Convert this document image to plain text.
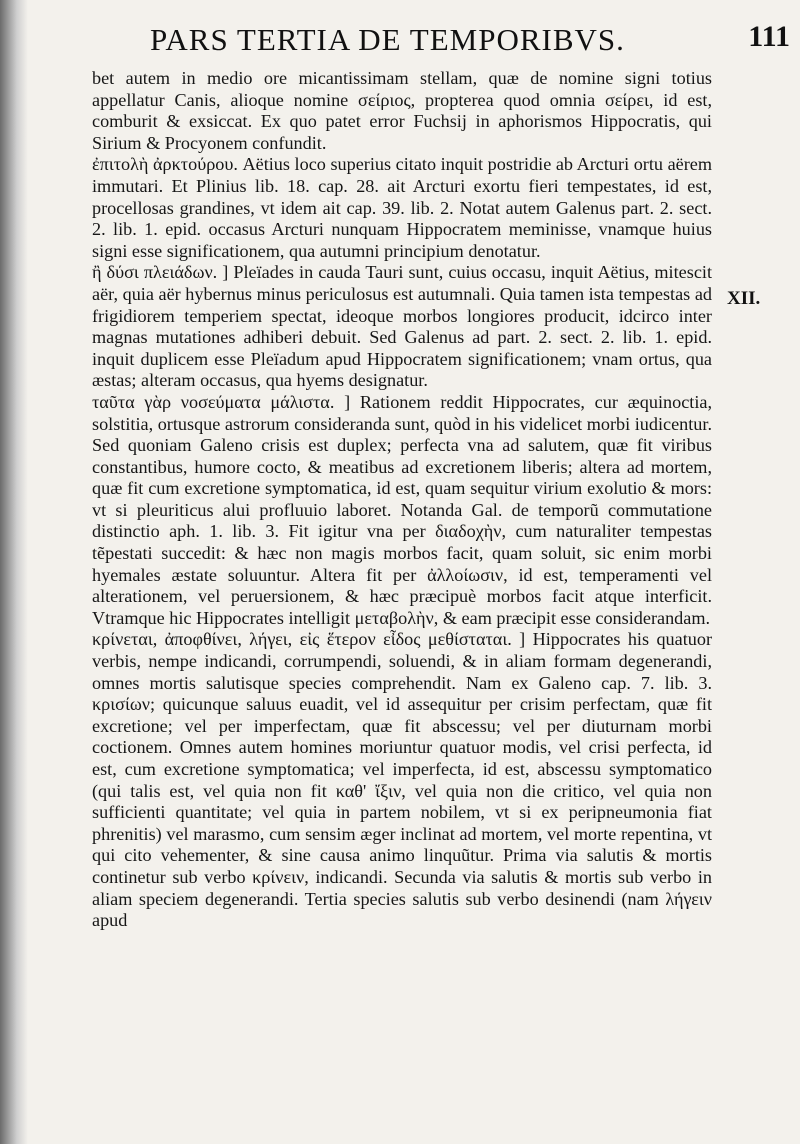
PARS TERTIA DE TEMPORIBVS.	111
XII.

bet autem in medio ore micantissimam stellam, quæ de nomine signi totius appellatur Canis, alioque nomine σείριος, propterea quod omnia σείρει, id est, comburit & exsiccat. Ex quo patet error Fuchsij in aphorismos Hippocratis, qui Sirium & Procyonem confundit.

ἐπιτολὴ ἀρκτούρου. Aëtius loco superius citato inquit postridie ab Arcturi ortu aërem immutari. Et Plinius lib. 18. cap. 28. ait Arcturi exortu fieri tempestates, id est, procellosas grandines, vt idem ait cap. 39. lib. 2. Notat autem Galenus part. 2. sect. 2. lib. 1. epid. occasus Arcturi nunquam Hippocratem meminisse, vnamque huius signi esse significationem, qua autumni principium denotatur.

ἢ δύσι πλειάδων. ] Pleïades in cauda Tauri sunt, cuius occasu, inquit Aëtius, mitescit aër, quia aër hybernus minus periculosus est autumnali. Quia tamen ista tempestas ad frigidiorem temperiem spectat, ideoque morbos longiores producit, idcirco inter magnas mutationes adhiberi debuit. Sed Galenus ad part. 2. sect. 2. lib. 1. epid. inquit duplicem esse Pleïadum apud Hippocratem significationem; vnam ortus, qua æstas; alteram occasus, qua hyems designatur.

ταῦτα γὰρ νοσεύματα μάλιστα. ] Rationem reddit Hippocrates, cur æquinoctia, solstitia, ortusque astrorum consideranda sunt, quòd in his videlicet morbi iudicentur. Sed quoniam Galeno crisis est duplex; perfecta vna ad salutem, quæ fit viribus constantibus, humore cocto, & meatibus ad excretionem liberis; altera ad mortem, quæ fit cum excretione symptomatica, id est, quam sequitur virium exolutio & mors: vt si pleuriticus alui profluuio laboret. Notanda Gal. de temporũ commutatione distinctio aph. 1. lib. 3. Fit igitur vna per διαδοχὴν, cum naturaliter tempestas tẽpestati succedit: & hæc non magis morbos facit, quam soluit, sic enim morbi hyemales æstate soluuntur. Altera fit per ἀλλοίωσιν, id est, temperamenti vel alterationem, vel peruersionem, & hæc præcipuè morbos facit atque interficit. Vtramque hic Hippocrates intelligit μεταβολὴν, & eam præcipit esse considerandam.

κρίνεται, ἀποφθίνει, λήγει, εἰς ἕτερον εἶδος μεθίσταται. ] Hippocrates his quatuor verbis, nempe indicandi, corrumpendi, soluendi, & in aliam formam degenerandi, omnes mortis salutisque species comprehendit. Nam ex Galeno cap. 7. lib. 3. κρισίων; quicunque saluus euadit, vel id assequitur per crisim perfectam, quæ fit excretione; vel per imperfectam, quæ fit abscessu; vel per diuturnam morbi coctionem. Omnes autem homines moriuntur quatuor modis, vel crisi perfecta, id est, cum excretione symptomatica; vel imperfecta, id est, abscessu symptomatico (qui talis est, vel quia non fit καθ' ἴξιν, vel quia non die critico, vel quia non sufficienti quantitate; vel quia in partem nobilem, vt si ex peripneumonia fiat phrenitis) vel marasmo, cum sensim æger inclinat ad mortem, vel morte repentina, vt qui cito vehementer, & sine causa animo linquũtur. Prima via salutis & mortis continetur sub verbo κρίνειν, indicandi. Secunda via salutis & mortis sub verbo in aliam speciem degenerandi. Tertia species salutis sub verbo desinendi (nam λήγειν apud
